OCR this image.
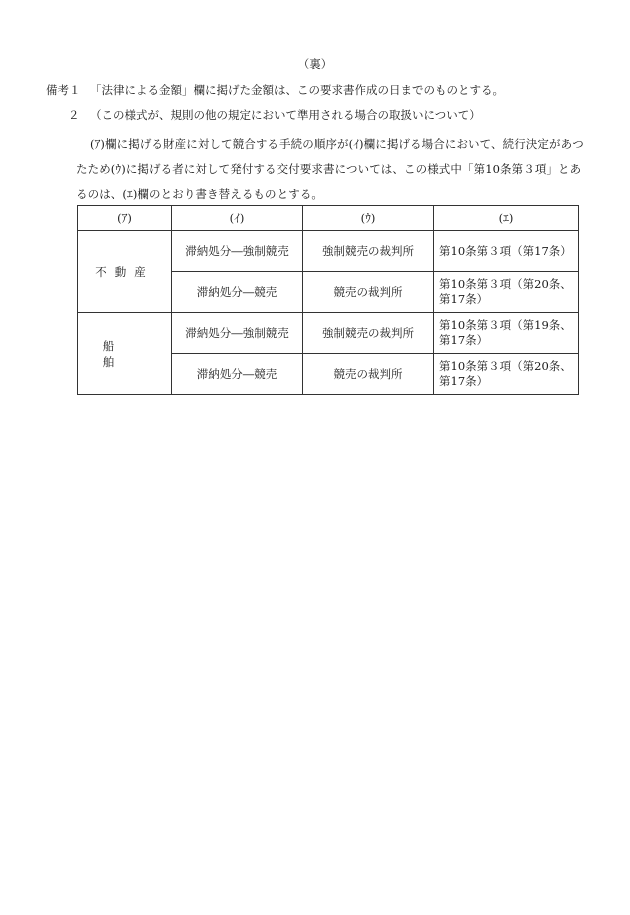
（裏）
備考１ 「法律による金額」欄に掲げた金額は、この要求書作成の日までのものとする。
２ （この様式が、規則の他の規定において準用される場合の取扱いについて）
(ｱ)欄に掲げる財産に対して競合する手続の順序が(ｲ)欄に掲げる場合において、続行決定があつたため(ｳ)に掲げる者に対して発付する交付要求書については、この様式中「第10条第３項」とあるのは、(ｴ)欄のとおり書き替えるものとする。
(ｱ)	(ｲ)	(ｳ)	(ｴ)
不動産	滞納処分―強制競売	強制競売の裁判所	第10条第３項（第17条）
	滞納処分―競売	競売の裁判所	第10条第３項（第20条、第17条）
船舶	滞納処分―強制競売	強制競売の裁判所	第10条第３項（第19条、第17条）
	滞納処分―競売	競売の裁判所	第10条第３項（第20条、第17条）
